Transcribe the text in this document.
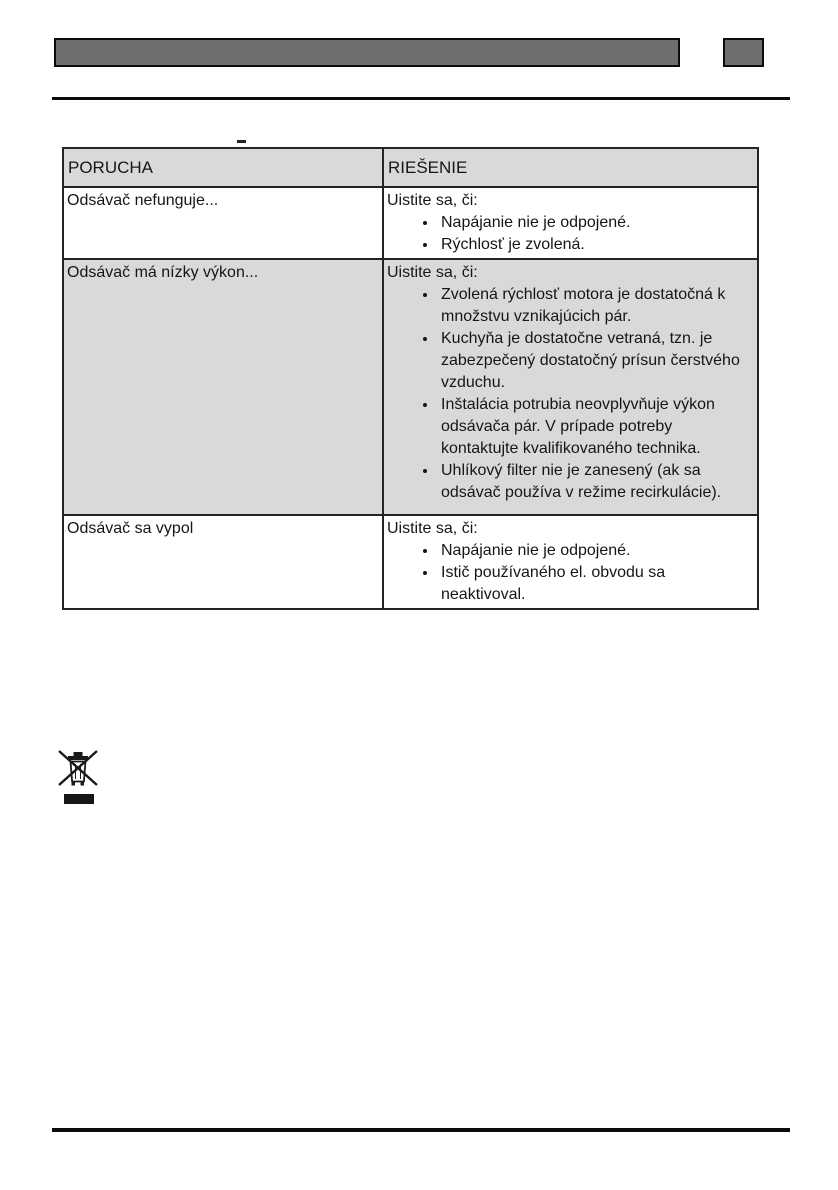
PORUCHA	RIEŠENIE
Odsávač nefunguje...	Uistite sa, či:
• Napájanie nie je odpojené.
• Rýchlosť je zvolená.

Odsávač má nízky výkon...	Uistite sa, či:
• Zvolená rýchlosť motora je dostatočná k množstvu vznikajúcich pár.
• Kuchyňa je dostatočne vetraná, tzn. je zabezpečený dostatočný prísun čerstvého vzduchu.
• Inštalácia potrubia neovplyvňuje výkon odsávača pár. V prípade potreby kontaktujte kvalifikovaného technika.
• Uhlíkový filter nie je zanesený (ak sa odsávač používa v režime recirkulácie).

Odsávač sa vypol	Uistite sa, či:
• Napájanie nie je odpojené.
• Istič používaného el. obvodu sa neaktivoval.
